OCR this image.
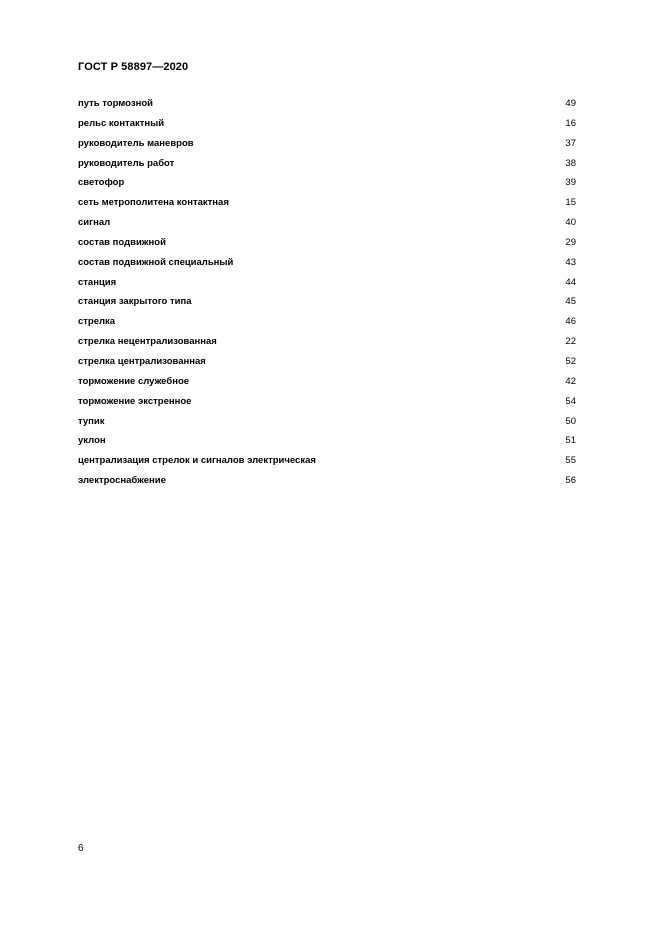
ГОСТ Р 58897—2020
путь тормозной	49
рельс контактный	16
руководитель маневров	37
руководитель работ	38
светофор	39
сеть метрополитена контактная	15
сигнал	40
состав подвижной	29
состав подвижной специальный	43
станция	44
станция закрытого типа	45
стрелка	46
стрелка нецентрализованная	22
стрелка централизованная	52
торможение служебное	42
торможение экстренное	54
тупик	50
уклон	51
централизация стрелок и сигналов электрическая	55
электроснабжение	56
6
